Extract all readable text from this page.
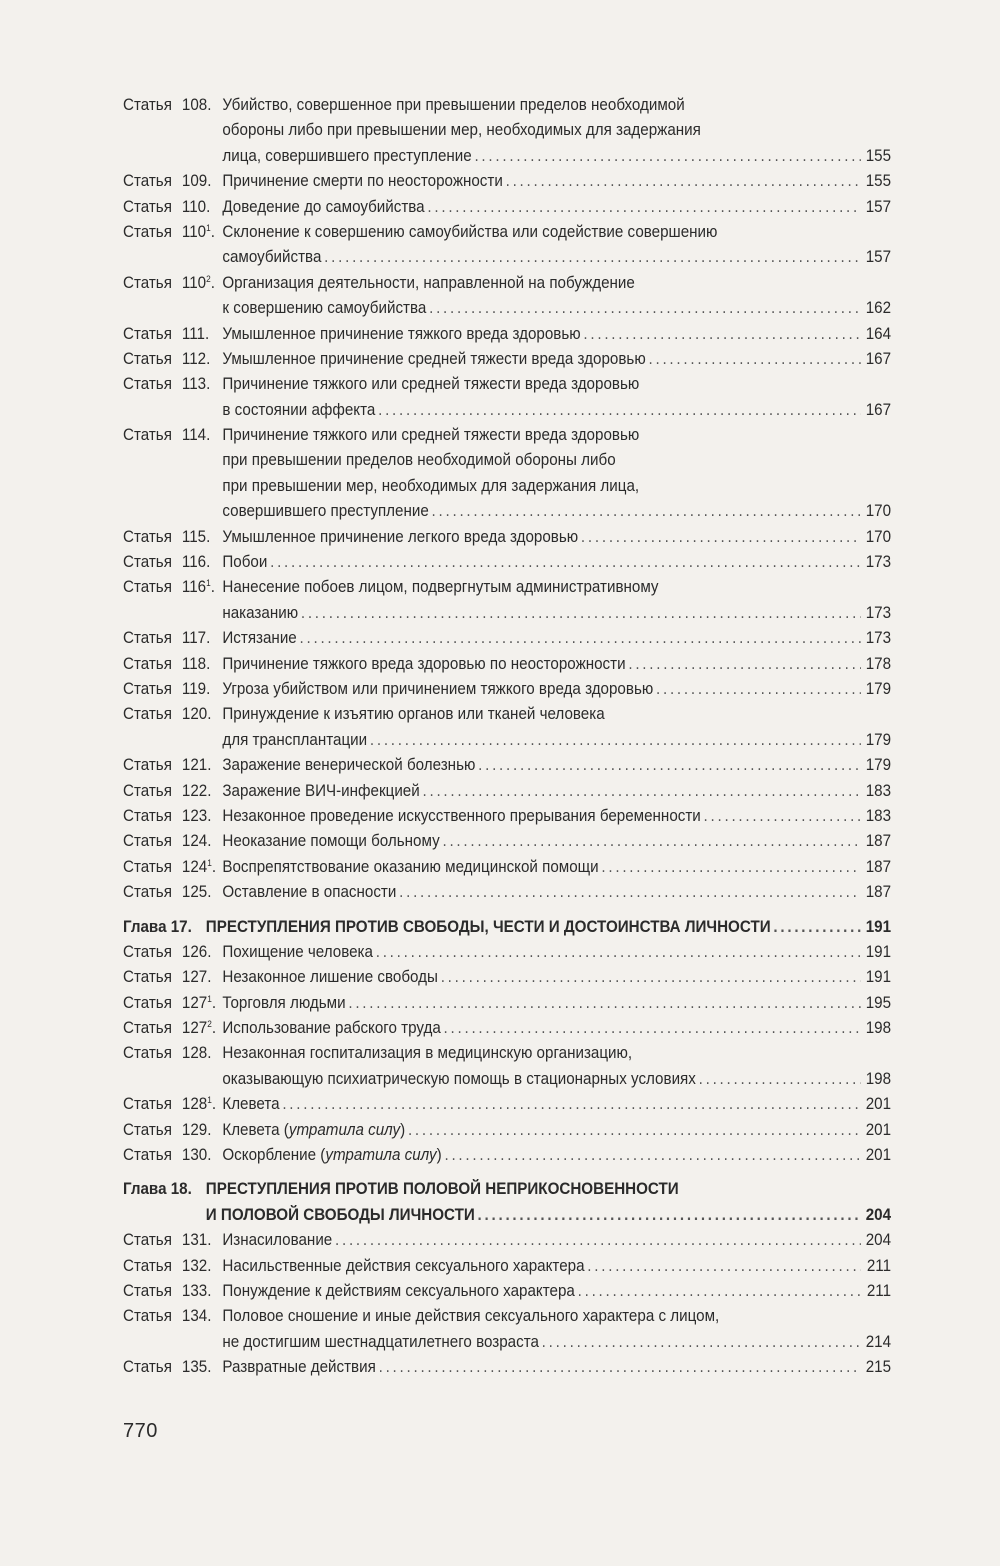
Статья 108. Убийство, совершенное при превышении пределов необходимой
обороны либо при превышении мер, необходимых для задержания
лица, совершившего преступление .....	155
Статья 109. Причинение смерти по неосторожности .....	155
Статья 110. Доведение до самоубийства .....	157
Статья $110^1$. Склонение к совершению самоубийства или содействие совершению
самоубийства .....	157
Статья $110^2$. Организация деятельности, направленной на побуждение
к совершению самоубийства .....	162
Статья 111. Умышленное причинение тяжкого вреда здоровью .....	164
Статья 112. Умышленное причинение средней тяжести вреда здоровью .....	167
Статья 113. Причинение тяжкого или средней тяжести вреда здоровью
в состоянии аффекта .....	167
Статья 114. Причинение тяжкого или средней тяжести вреда здоровью
при превышении пределов необходимой обороны либо
при превышении мер, необходимых для задержания лица,
совершившего преступление .....	170
Статья 115. Умышленное причинение легкого вреда здоровью .....	170
Статья 116. Побои .....	173
Статья $116^1$. Нанесение побоев лицом, подвергнутым административному
наказанию .....	173
Статья 117. Истязание .....	173
Статья 118. Причинение тяжкого вреда здоровью по неосторожности .....	178
Статья 119. Угроза убийством или причинением тяжкого вреда здоровью .....	179
Статья 120. Принуждение к изъятию органов или тканей человека
для трансплантации .....	179
Статья 121. Заражение венерической болезнью .....	179
Статья 122. Заражение ВИЧ-инфекцией .....	183
Статья 123. Незаконное проведение искусственного прерывания беременности .....	183
Статья 124. Неоказание помощи больному .....	187
Статья $124^1$. Воспрепятствование оказанию медицинской помощи .....	187
Статья 125. Оставление в опасности .....	187
Глава 17. ПРЕСТУПЛЕНИЯ ПРОТИВ СВОБОДЫ, ЧЕСТИ И ДОСТОИНСТВА ЛИЧНОСТИ .....	191
Статья 126. Похищение человека .....	191
Статья 127. Незаконное лишение свободы .....	191
Статья $127^1$. Торговля людьми .....	195
Статья $127^2$. Использование рабского труда .....	198
Статья 128. Незаконная госпитализация в медицинскую организацию,
оказывающую психиатрическую помощь в стационарных условиях .....	198
Статья $128^1$. Клевета .....	201
Статья 129. Клевета (утратила силу) .....	201
Статья 130. Оскорбление (утратила силу) .....	201
Глава 18. ПРЕСТУПЛЕНИЯ ПРОТИВ ПОЛОВОЙ НЕПРИКОСНОВЕННОСТИ
И ПОЛОВОЙ СВОБОДЫ ЛИЧНОСТИ .....	204
Статья 131. Изнасилование .....	204
Статья 132. Насильственные действия сексуального характера .....	211
Статья 133. Понуждение к действиям сексуального характера .....	211
Статья 134. Половое сношение и иные действия сексуального характера с лицом,
не достигшим шестнадцатилетнего возраста .....	214
Статья 135. Развратные действия .....	215
770
